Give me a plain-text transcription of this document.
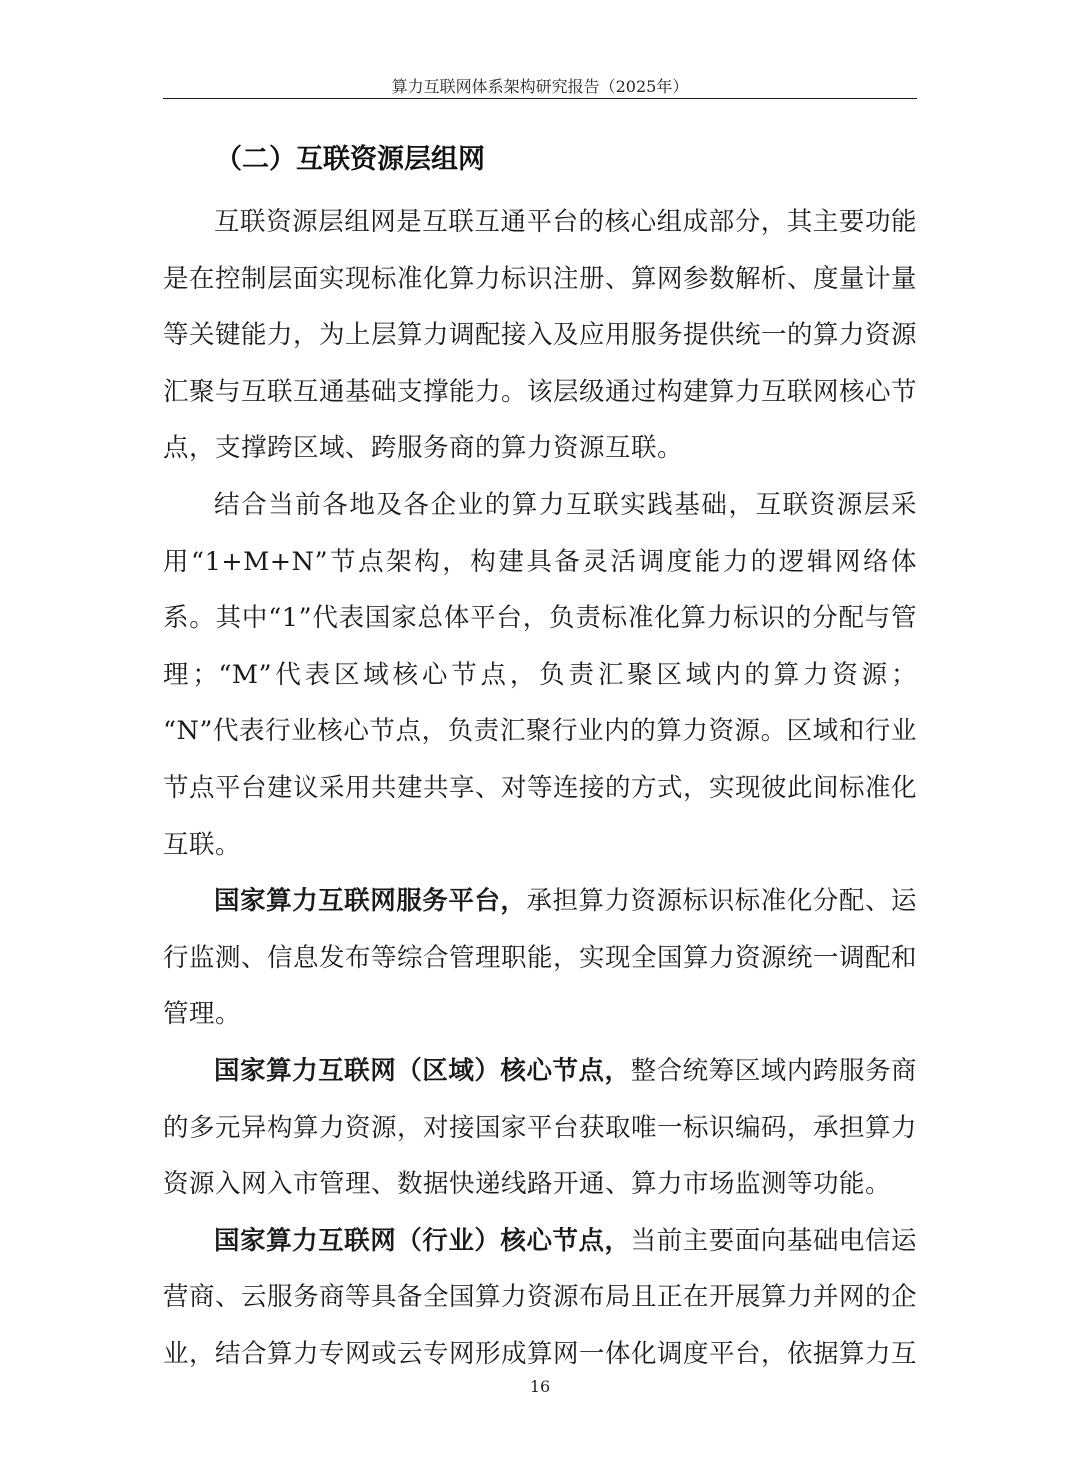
算力互联网体系架构研究报告（2025年）
（二）互联资源层组网

互联资源层组网是互联互通平台的核心组成部分，其主要功能是在控制层面实现标准化算力标识注册、算网参数解析、度量计量等关键能力，为上层算力调配接入及应用服务提供统一的算力资源汇聚与互联互通基础支撑能力。该层级通过构建算力互联网核心节点，支撑跨区域、跨服务商的算力资源互联。

结合当前各地及各企业的算力互联实践基础，互联资源层采用“1+M+N”节点架构，构建具备灵活调度能力的逻辑网络体系。其中“1”代表国家总体平台，负责标准化算力标识的分配与管理；“M”代表区域核心节点，负责汇聚区域内的算力资源； “N”代表行业核心节点，负责汇聚行业内的算力资源。区域和行业节点平台建议采用共建共享、对等连接的方式，实现彼此间标准化互联。

国家算力互联网服务平台，承担算力资源标识标准化分配、运行监测、信息发布等综合管理职能，实现全国算力资源统一调配和管理。

国家算力互联网（区域）核心节点，整合统筹区域内跨服务商的多元异构算力资源，对接国家平台获取唯一标识编码，承担算力资源入网入市管理、数据快递线路开通、算力市场监测等功能。

国家算力互联网（行业）核心节点，当前主要面向基础电信运营商、云服务商等具备全国算力资源布局且正在开展算力并网的企业，结合算力专网或云专网形成算网一体化调度平台，依据算力互

16
